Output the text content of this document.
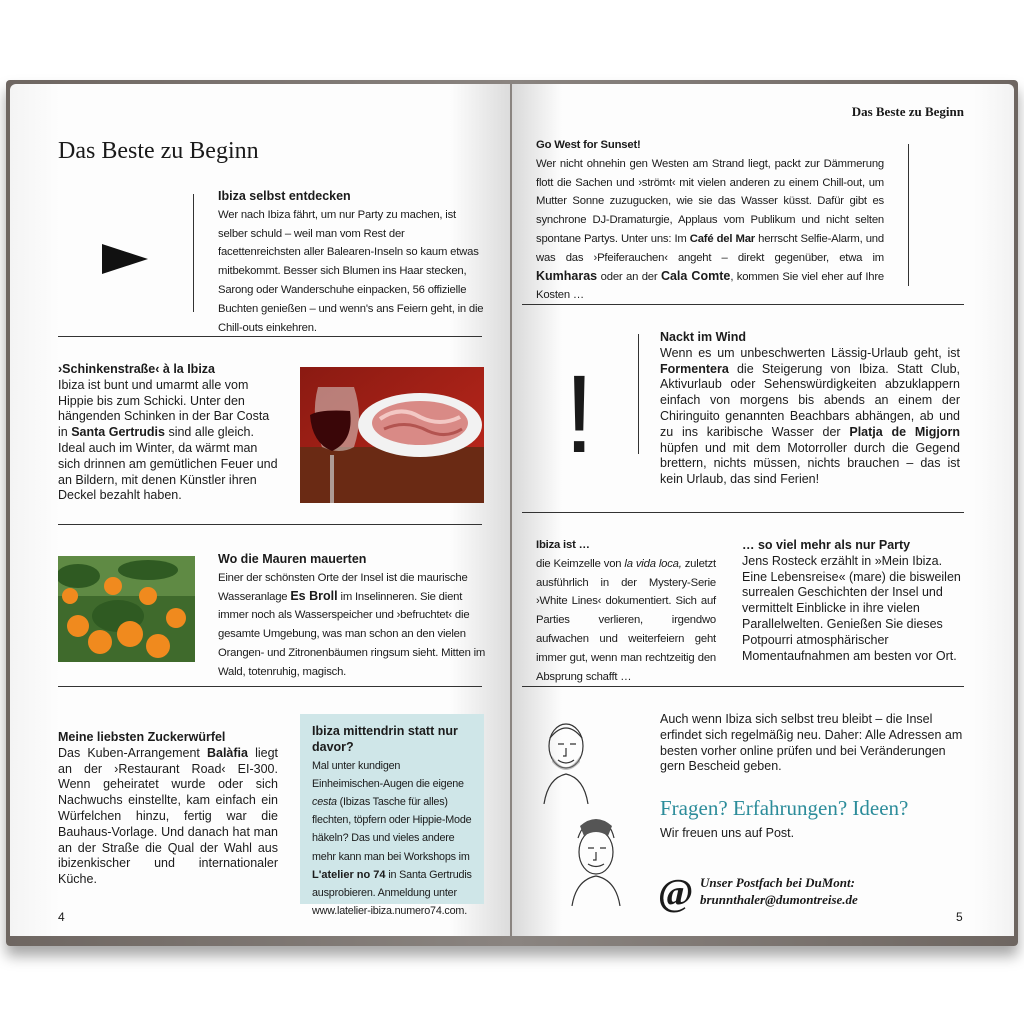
Das Beste zu Beginn
Ibiza selbst entdecken
Wer nach Ibiza fährt, um nur Party zu machen, ist selber schuld – weil man vom Rest der facettenreichsten aller Balearen-Inseln so kaum etwas mitbekommt. Besser sich Blumen ins Haar stecken, Sarong oder Wanderschuhe einpacken, 56 offizielle Buchten genießen – und wenn's ans Feiern geht, in die Chill-outs einkehren.
›Schinkenstraße‹ à la Ibiza
Ibiza ist bunt und umarmt alle vom Hippie bis zum Schicki. Unter den hängenden Schinken in der Bar Costa in Santa Gertrudis sind alle gleich. Ideal auch im Winter, da wärmt man sich drinnen am gemütlichen Feuer und an Bildern, mit denen Künstler ihren Deckel bezahlt haben.
Wo die Mauren mauerten
Einer der schönsten Orte der Insel ist die maurische Wasseranlage Es Broll im Inselinneren. Sie dient immer noch als Wasserspeicher und ›befruchtet‹ die gesamte Umgebung, was man schon an den vielen Orangen- und Zitronenbäumen ringsum sieht. Mitten im Wald, totenruhig, magisch.
Meine liebsten Zuckerwürfel
Das Kuben-Arrangement Balàfia liegt an der ›Restaurant Road‹ EI-300. Wenn geheiratet wurde oder sich Nachwuchs einstellte, kam einfach ein Würfelchen hinzu, fertig war die Bauhaus-Vorlage. Und danach hat man an der Straße die Qual der Wahl aus ibizenkischer und internationaler Küche.
Ibiza mittendrin statt nur davor?
Mal unter kundigen Einheimischen-Augen die eigene cesta (Ibizas Tasche für alles) flechten, töpfern oder Hippie-Mode häkeln? Das und vieles andere mehr kann man bei Workshops im L'atelier no 74 in Santa Gertrudis ausprobieren. Anmeldung unter www.latelier-ibiza.numero74.com.
4
Das Beste zu Beginn
Go West for Sunset!
Wer nicht ohnehin gen Westen am Strand liegt, packt zur Dämmerung flott die Sachen und ›strömt‹ mit vielen anderen zu einem Chill-out, um Mutter Sonne zuzugucken, wie sie das Wasser küsst. Dafür gibt es synchrone DJ-Dramaturgie, Applaus vom Publikum und nicht selten spontane Partys. Unter uns: Im Café del Mar herrscht Selfie-Alarm, und was das ›Pfeiferauchen‹ angeht – direkt gegenüber, etwa im Kumharas oder an der Cala Comte, kommen Sie viel eher auf Ihre Kosten …
!
Nackt im Wind
Wenn es um unbeschwerten Lässig-Urlaub geht, ist Formentera die Steigerung von Ibiza. Statt Club, Aktivurlaub oder Sehenswürdigkeiten abzuklappern einfach von morgens bis abends an einem der Chiringuito genannten Beachbars abhängen, ab und zu ins karibische Wasser der Platja de Migjorn hüpfen und mit dem Motorroller durch die Gegend brettern, nichts müssen, nichts brauchen – das ist kein Urlaub, das sind Ferien!
Ibiza ist …
die Keimzelle von la vida loca, zuletzt ausführlich in der Mystery-Serie ›White Lines‹ dokumentiert. Sich auf Parties verlieren, irgendwo aufwachen und weiterfeiern geht immer gut, wenn man rechtzeitig den Absprung schafft …
… so viel mehr als nur Party
Jens Rosteck erzählt in »Mein Ibiza. Eine Lebensreise« (mare) die bisweilen surrealen Geschichten der Insel und vermittelt Einblicke in ihre vielen Parallelwelten. Genießen Sie dieses Potpourri atmosphärischer Momentaufnahmen am besten vor Ort.
Auch wenn Ibiza sich selbst treu bleibt – die Insel erfindet sich regelmäßig neu. Daher: Alle Adressen am besten vorher online prüfen und bei Veränderungen gern Bescheid geben.
Fragen? Erfahrungen? Ideen?
Wir freuen uns auf Post.
@ Unser Postfach bei DuMont:
brunnthaler@dumontreise.de
5
